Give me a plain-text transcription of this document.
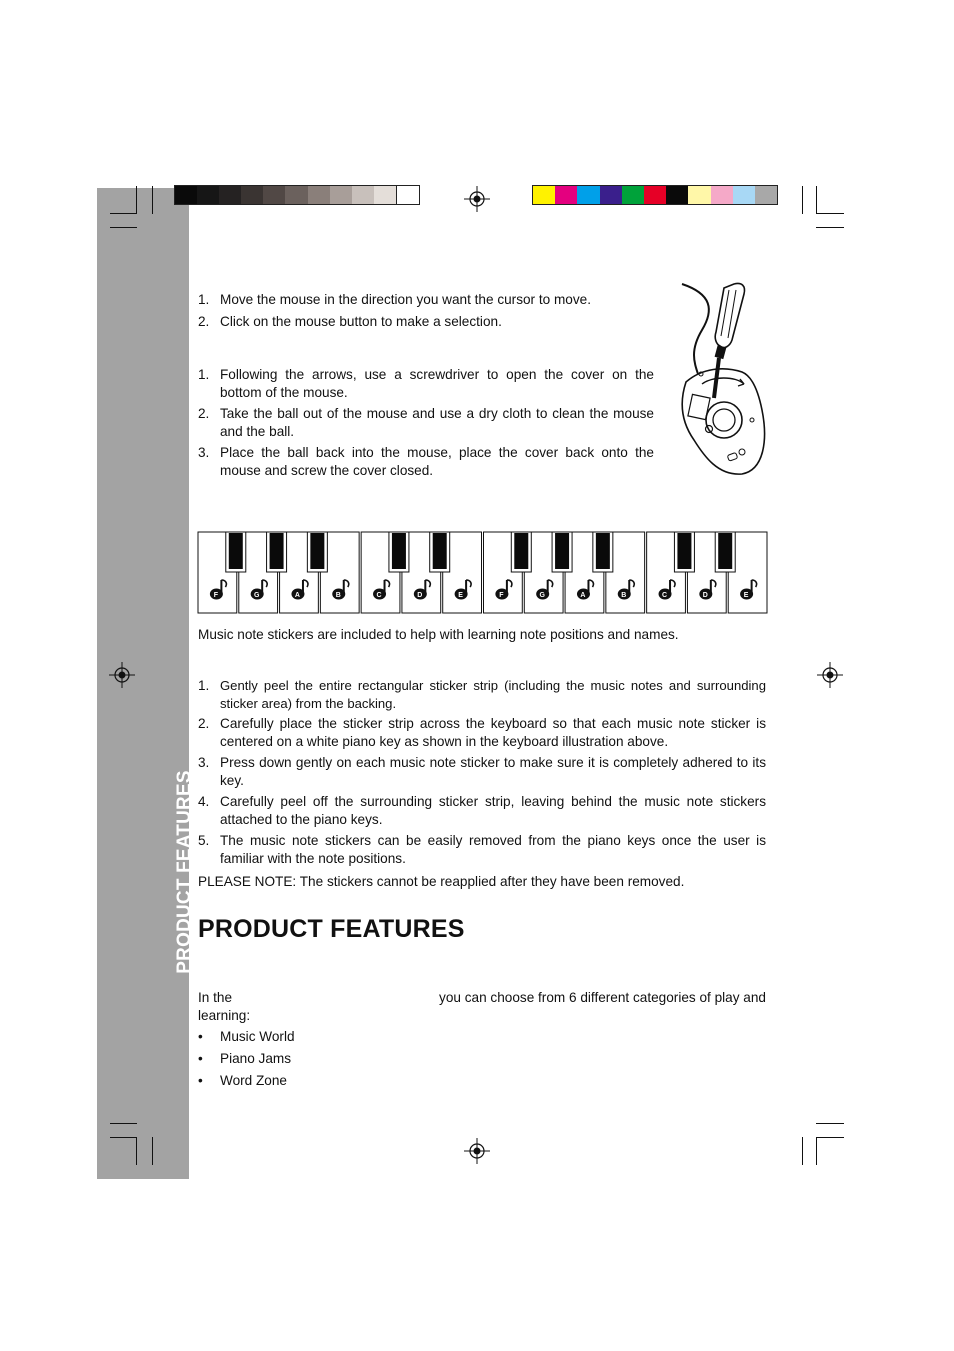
PRODUCT FEATURES
1. Move the mouse in the direction you want the cursor to move.
2. Click on the mouse button to make a selection.
1. Following the arrows, use a screwdriver to open the cover on the bottom of the mouse.
2. Take the ball out of the mouse and use a dry cloth to clean the mouse and the ball.
3. Place the ball back into the mouse, place the cover back onto the mouse and screw the cover closed.
F	G	A	B	C	D	E	F	G	A	B	C	D	E
Music note stickers are included to help with learning note positions and names.
1. Gently peel the entire rectangular sticker strip (including the music notes and surrounding sticker area) from the backing.
2. Carefully place the sticker strip across the keyboard so that each music note sticker is centered on a white piano key as shown in the keyboard illustration above.
3. Press down gently on each music note sticker to make sure it is completely adhered to its key.
4. Carefully peel off the surrounding sticker strip, leaving behind the music note stickers attached to the piano keys.
5. The music note stickers can be easily removed from the piano keys once the user is familiar with the note positions.
PLEASE NOTE: The stickers cannot be reapplied after they have been removed.
PRODUCT FEATURES
In the	you can choose from 6 different categories of play and
learning:
• Music World
• Piano Jams
• Word Zone
